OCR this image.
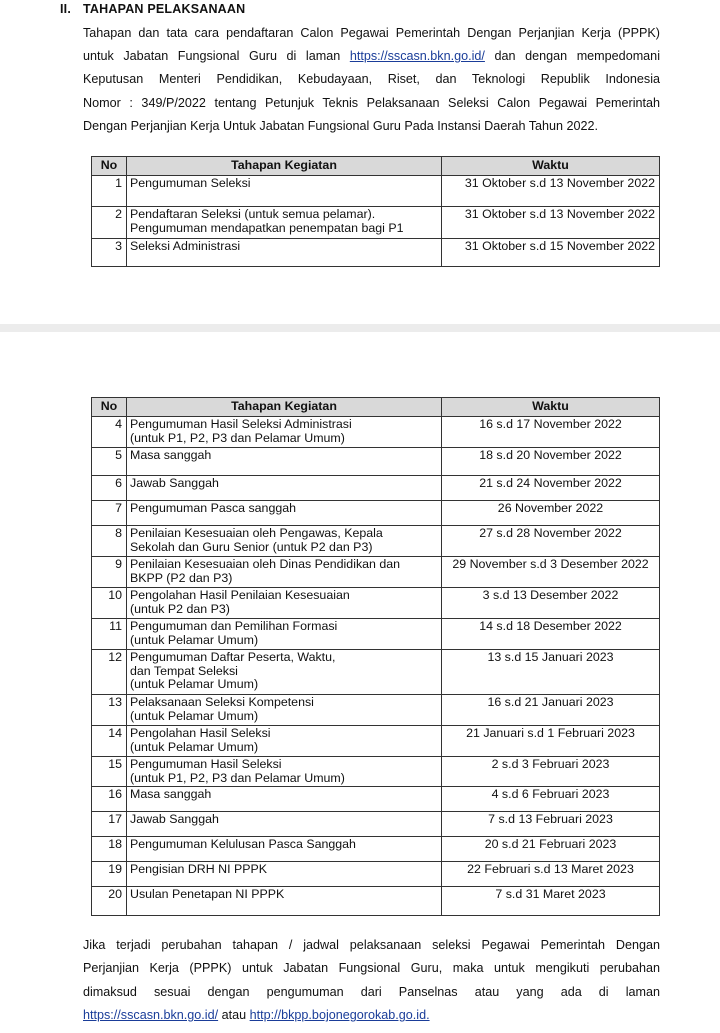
II. TAHAPAN PELAKSANAAN
Tahapan dan tata cara pendaftaran Calon Pegawai Pemerintah Dengan Perjanjian Kerja (PPPK)
untuk Jabatan Fungsional Guru di laman https://sscasn.bkn.go.id/ dan dengan mempedomani
Keputusan Menteri Pendidikan, Kebudayaan, Riset, dan Teknologi Republik Indonesia
Nomor : 349/P/2022 tentang Petunjuk Teknis Pelaksanaan Seleksi Calon Pegawai Pemerintah
Dengan Perjanjian Kerja Untuk Jabatan Fungsional Guru Pada Instansi Daerah Tahun 2022.
No	Tahapan Kegiatan	Waktu
1	Pengumuman Seleksi	31 Oktober s.d 13 November 2022
2	Pendaftaran Seleksi (untuk semua pelamar).
Pengumuman mendapatkan penempatan bagi P1	31 Oktober s.d 13 November 2022
3	Seleksi Administrasi	31 Oktober s.d 15 November 2022
No	Tahapan Kegiatan	Waktu
4	Pengumuman Hasil Seleksi Administrasi
(untuk P1, P2, P3 dan Pelamar Umum)	16 s.d 17 November 2022
5	Masa sanggah	18 s.d 20 November 2022
6	Jawab Sanggah	21 s.d 24 November 2022
7	Pengumuman Pasca sanggah	26 November 2022
8	Penilaian Kesesuaian oleh Pengawas, Kepala
Sekolah dan Guru Senior (untuk P2 dan P3)	27 s.d 28 November 2022
9	Penilaian Kesesuaian oleh Dinas Pendidikan dan
BKPP (P2 dan P3)	29 November s.d 3 Desember 2022
10	Pengolahan Hasil Penilaian Kesesuaian
(untuk P2 dan P3)	3 s.d 13 Desember 2022
11	Pengumuman dan Pemilihan Formasi
(untuk Pelamar Umum)	14 s.d 18 Desember 2022
12	Pengumuman Daftar Peserta, Waktu,
dan Tempat Seleksi
(untuk Pelamar Umum)	13 s.d 15 Januari 2023
13	Pelaksanaan Seleksi Kompetensi
(untuk Pelamar Umum)	16 s.d 21 Januari 2023
14	Pengolahan Hasil Seleksi
(untuk Pelamar Umum)	21 Januari s.d 1 Februari 2023
15	Pengumuman Hasil Seleksi
(untuk P1, P2, P3 dan Pelamar Umum)	2 s.d 3 Februari 2023
16	Masa sanggah	4 s.d 6 Februari 2023
17	Jawab Sanggah	7 s.d 13 Februari 2023
18	Pengumuman Kelulusan Pasca Sanggah	20 s.d 21 Februari 2023
19	Pengisian DRH NI PPPK	22 Februari s.d 13 Maret 2023
20	Usulan Penetapan NI PPPK	7 s.d 31 Maret 2023
Jika terjadi perubahan tahapan / jadwal pelaksanaan seleksi Pegawai Pemerintah Dengan
Perjanjian Kerja (PPPK) untuk Jabatan Fungsional Guru, maka untuk mengikuti perubahan
dimaksud sesuai dengan pengumuman dari Panselnas atau yang ada di laman
https://sscasn.bkn.go.id/ atau http://bkpp.bojonegorokab.go.id.
